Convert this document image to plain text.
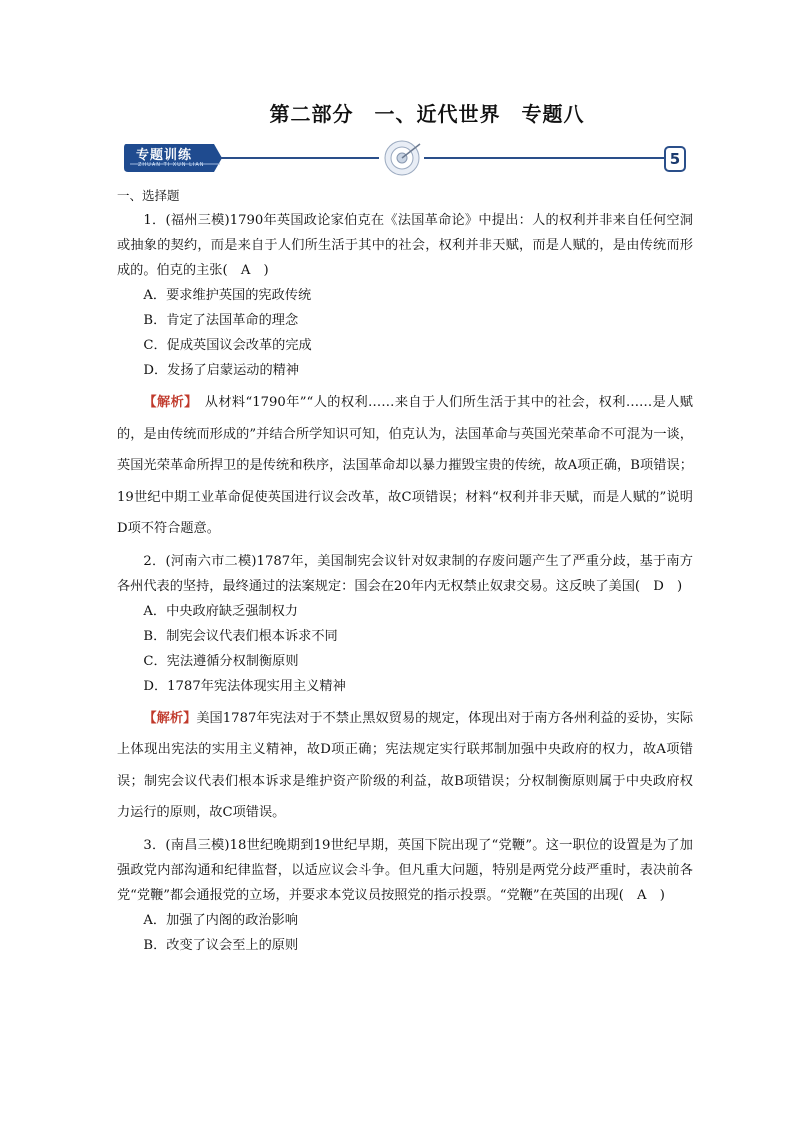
第二部分　一、近代世界　专题八
专题训练
ZHUAN TI XUN LIAN	5

一、选择题

1．(福州三模)1790年英国政论家伯克在《法国革命论》中提出：人的权利并非来自任何空洞或抽象的契约，而是来自于人们所生活于其中的社会，权利并非天赋，而是人赋的，是由传统而形成的。伯克的主张(　A　)

A．要求维护英国的宪政传统

B．肯定了法国革命的理念

C．促成英国议会改革的完成

D．发扬了启蒙运动的精神

【解析】　从材料“1790年”“人的权利……来自于人们所生活于其中的社会，权利……是人赋的，是由传统而形成的”并结合所学知识可知，伯克认为，法国革命与英国光荣革命不可混为一谈，英国光荣革命所捍卫的是传统和秩序，法国革命却以暴力摧毁宝贵的传统，故A项正确，B项错误；19世纪中期工业革命促使英国进行议会改革，故C项错误；材料“权利并非天赋，而是人赋的”说明D项不符合题意。

2．(河南六市二模)1787年，美国制宪会议针对奴隶制的存废问题产生了严重分歧，基于南方各州代表的坚持，最终通过的法案规定：国会在20年内无权禁止奴隶交易。这反映了美国(　D　)

A．中央政府缺乏强制权力

B．制宪会议代表们根本诉求不同

C．宪法遵循分权制衡原则

D．1787年宪法体现实用主义精神

【解析】美国1787年宪法对于不禁止黑奴贸易的规定，体现出对于南方各州利益的妥协，实际上体现出宪法的实用主义精神，故D项正确；宪法规定实行联邦制加强中央政府的权力，故A项错误；制宪会议代表们根本诉求是维护资产阶级的利益，故B项错误；分权制衡原则属于中央政府权力运行的原则，故C项错误。

3．(南昌三模)18世纪晚期到19世纪早期，英国下院出现了“党鞭”。这一职位的设置是为了加强政党内部沟通和纪律监督，以适应议会斗争。但凡重大问题，特别是两党分歧严重时，表决前各党“党鞭”都会通报党的立场，并要求本党议员按照党的指示投票。“党鞭”在英国的出现(　A　)

A．加强了内阁的政治影响

B．改变了议会至上的原则
